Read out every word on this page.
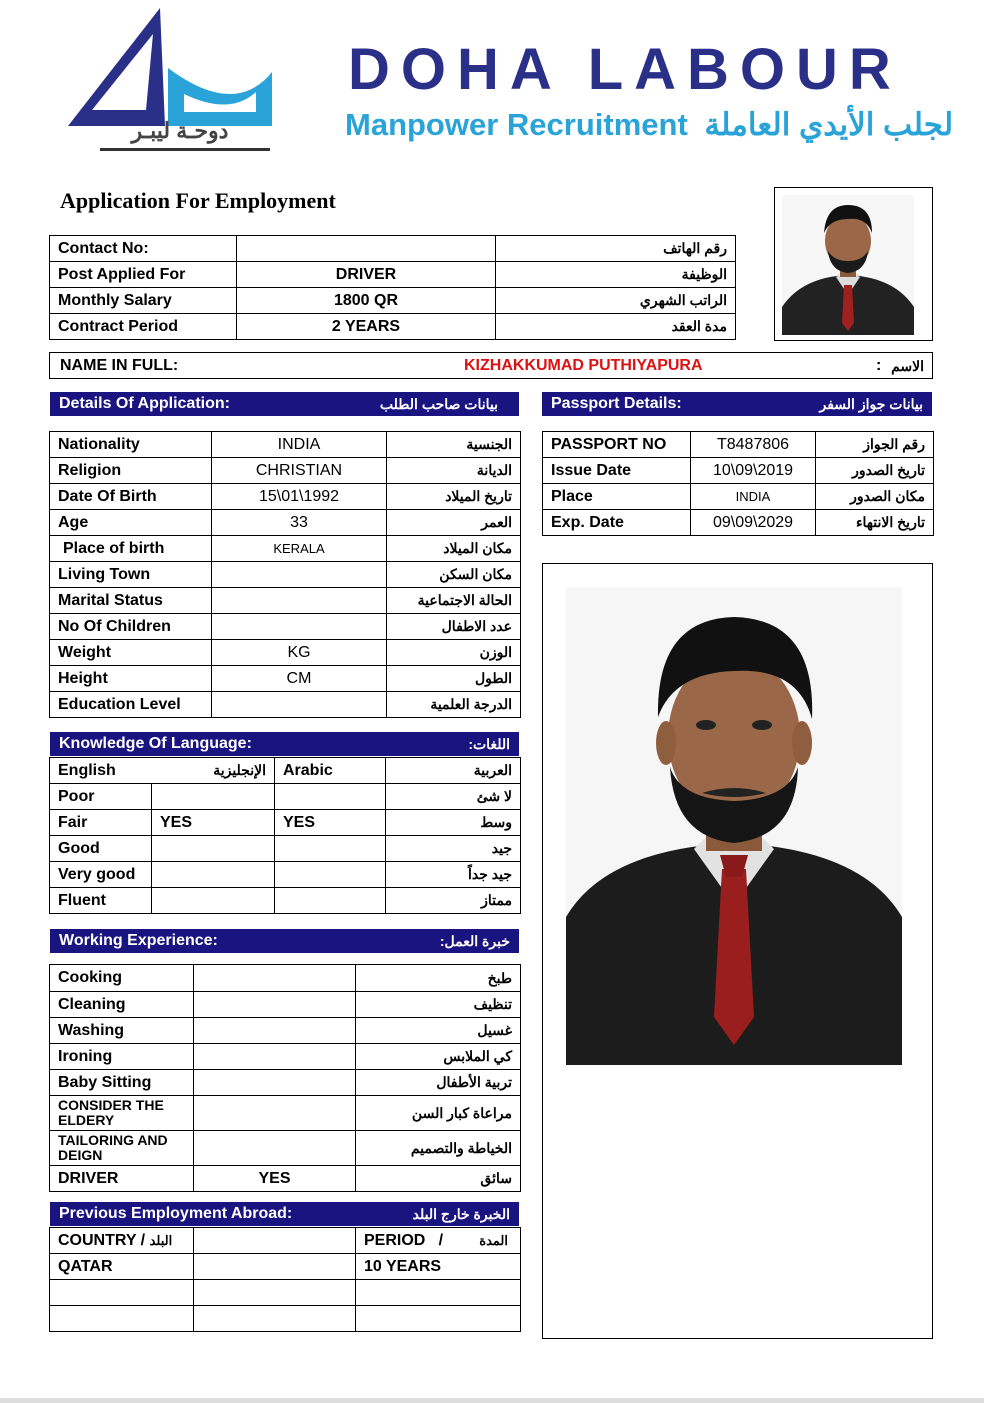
دوحـة ليبـر
DOHA LABOUR
Manpower Recruitment لجلب الأيدي العاملة
Application For Employment
Contact No:		رقم الهاتف
Post Applied For	DRIVER	الوظيفة
Monthly Salary	1800 QR	الراتب الشهري
Contract Period	2 YEARS	مدة العقد
NAME IN FULL:	KIZHAKKUMAD PUTHIYAPURA	: الاسم
Details Of Application:	بيانات صاحب الطلب	Passport Details:	بيانات جواز السفر
Nationality	INDIA	الجنسية
Religion	CHRISTIAN	الديانة
Date Of Birth	15\01\1992	تاريخ الميلاد
Age	33	العمر
Place of birth	KERALA	مكان الميلاد
Living Town		مكان السكن
Marital Status		الحالة الاجتماعية
No Of Children		عدد الاطفال
Weight	KG	الوزن
Height	CM	الطول
Education Level		الدرجة العلمية
PASSPORT NO	T8487806	رقم الجواز
Issue Date	10\09\2019	تاريخ الصدور
Place	INDIA	مكان الصدور
Exp. Date	09\09\2029	تاريخ الانتهاء
Knowledge Of Language:	اللغات:
English الإنجليزية		Arabic	العربية
Poor			لا شئ
Fair	YES	YES	وسط
Good			جيد
Very good			جيد جداً
Fluent			ممتاز
Working Experience:	خبرة العمل:
Cooking		طبخ
Cleaning		تنظيف
Washing		غسيل
Ironing		كي الملابس
Baby Sitting		تربية الأطفال
CONSIDER THE ELDERY		مراعاة كبار السن
TAILORING AND DEIGN		الخياطة والتصميم
DRIVER	YES	سائق
Previous Employment Abroad:	الخبرة خارج البلد
COUNTRY / البلد		PERIOD   / المدة

QATAR		10 YEARS
